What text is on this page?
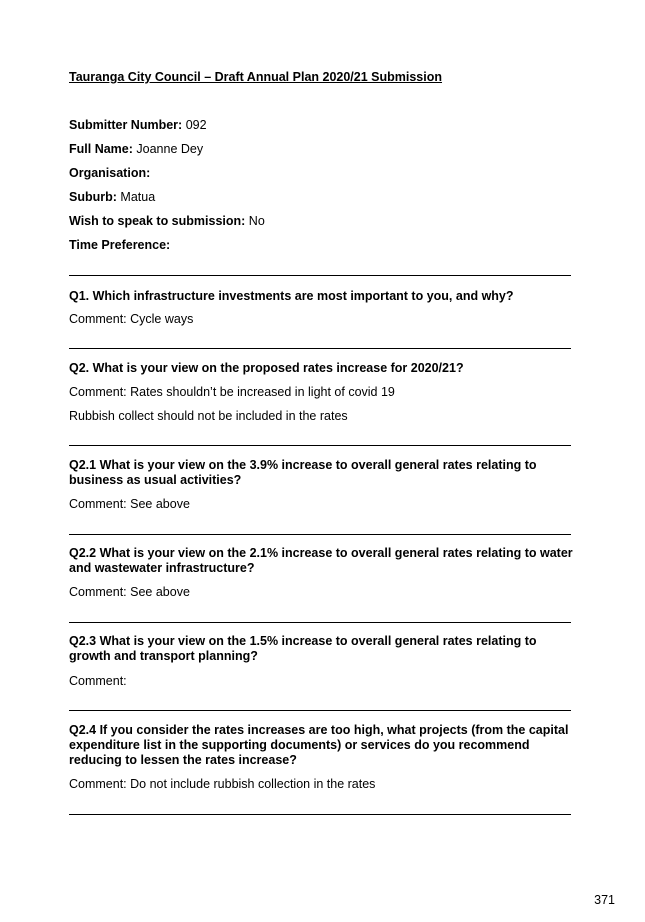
Tauranga City Council – Draft Annual Plan 2020/21 Submission

Submitter Number: 092

Full Name: Joanne Dey

Organisation:

Suburb: Matua

Wish to speak to submission: No

Time Preference:

Q1. Which infrastructure investments are most important to you, and why?

Comment: Cycle ways

Q2. What is your view on the proposed rates increase for 2020/21?

Comment: Rates shouldn’t be increased in light of covid 19

Rubbish collect should not be included in the rates

Q2.1 What is your view on the 3.9% increase to overall general rates relating to business as usual activities?

Comment: See above

Q2.2 What is your view on the 2.1% increase to overall general rates relating to water and wastewater infrastructure?

Comment: See above

Q2.3 What is your view on the 1.5% increase to overall general rates relating to growth and transport planning?

Comment:

Q2.4 If you consider the rates increases are too high, what projects (from the capital expenditure list in the supporting documents) or services do you recommend reducing to lessen the rates increase?

Comment: Do not include rubbish collection in the rates

371
